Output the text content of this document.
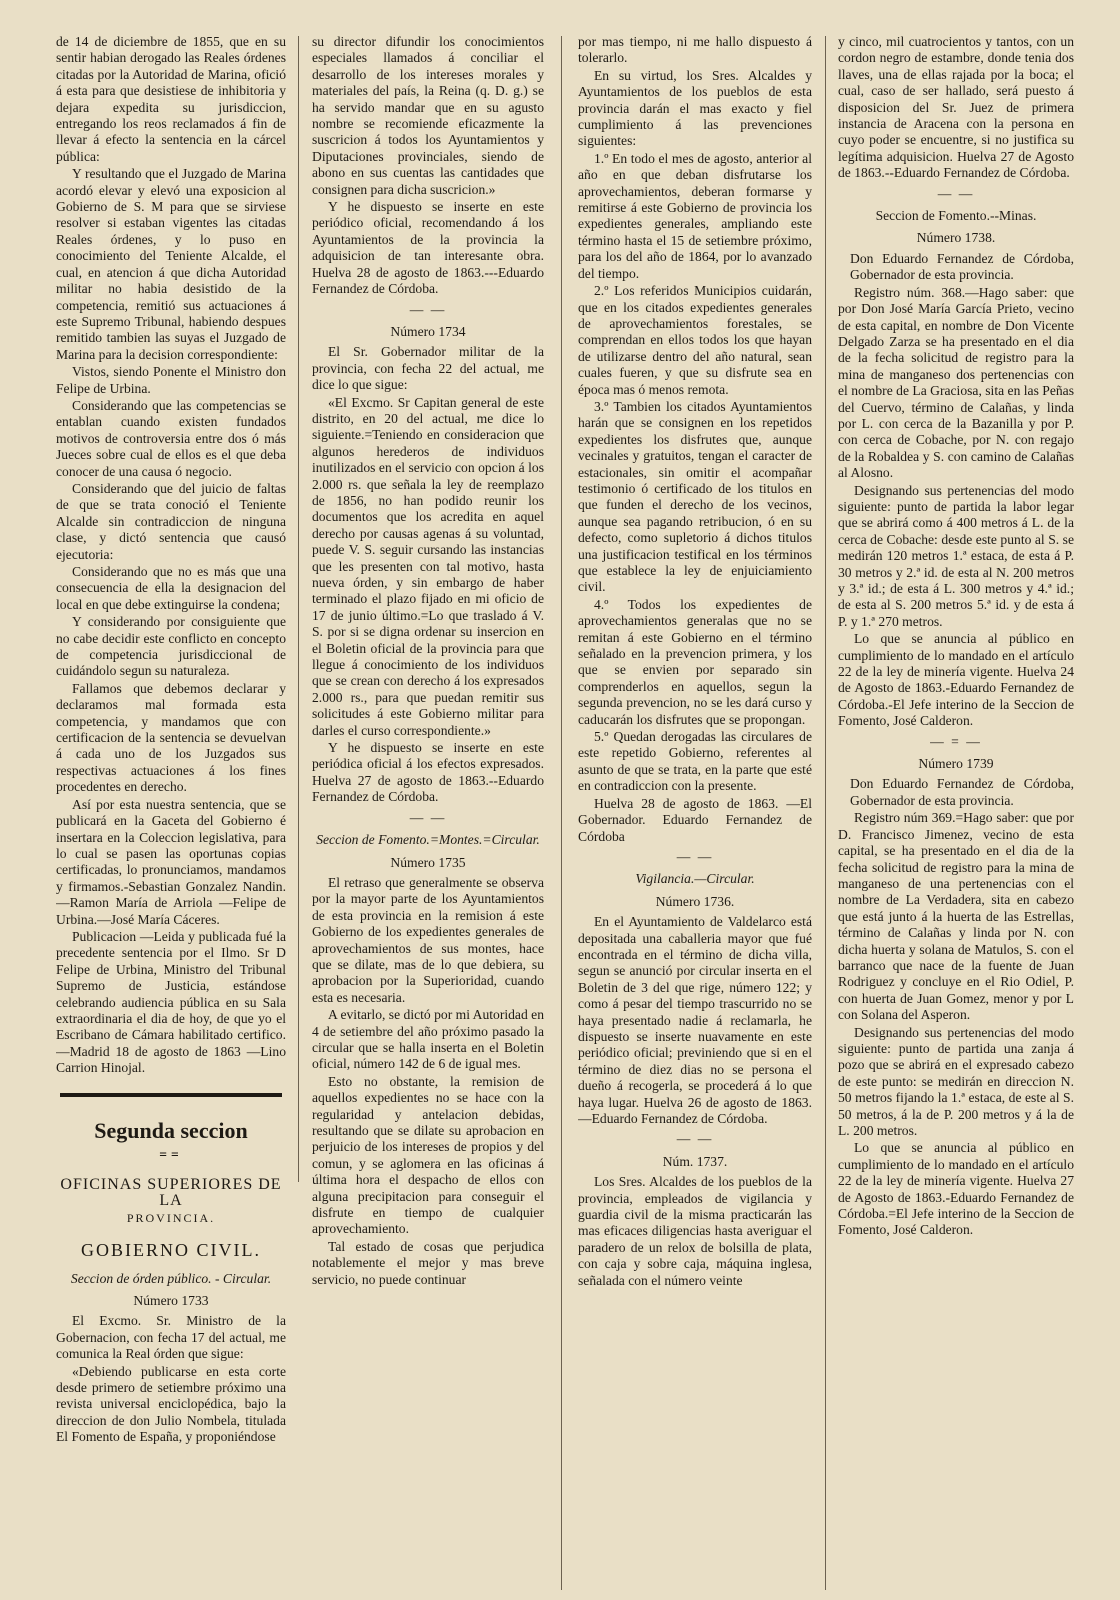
de 14 de diciembre de 1855, que en su sentir habian derogado las Reales órdenes citadas por la Autoridad de Marina, ofició á esta para que desistiese de inhibitoria y dejara expedita su jurisdiccion, entregando los reos reclamados á fin de llevar á efecto la sentencia en la cárcel pública:

Y resultando que el Juzgado de Marina acordó elevar y elevó una exposicion al Gobierno de S. M para que se sirviese resolver si estaban vigentes las citadas Reales órdenes, y lo puso en conocimiento del Teniente Alcalde, el cual, en atencion á que dicha Autoridad militar no habia desistido de la competencia, remitió sus actuaciones á este Supremo Tribunal, habiendo despues remitido tambien las suyas el Juzgado de Marina para la decision correspondiente:

Vistos, siendo Ponente el Ministro don Felipe de Urbina.

Considerando que las competencias se entablan cuando existen fundados motivos de controversia entre dos ó más Jueces sobre cual de ellos es el que deba conocer de una causa ó negocio.

Considerando que del juicio de faltas de que se trata conoció el Teniente Alcalde sin contradiccion de ninguna clase, y dictó sentencia que causó ejecutoria:

Considerando que no es más que una consecuencia de ella la designacion del local en que debe extinguirse la condena;

Y considerando por consiguiente que no cabe decidir este conflicto en concepto de competencia jurisdiccional de cuidándolo segun su naturaleza.

Fallamos que debemos declarar y declaramos mal formada esta competencia, y mandamos que con certificacion de la sentencia se devuelvan á cada uno de los Juzgados sus respectivas actuaciones á los fines procedentes en derecho.

Así por esta nuestra sentencia, que se publicará en la Gaceta del Gobierno é insertara en la Coleccion legislativa, para lo cual se pasen las oportunas copias certificadas, lo pronunciamos, mandamos y firmamos.-Sebastian Gonzalez Nandin.—Ramon María de Arriola —Felipe de Urbina.—José María Cáceres.

Publicacion —Leida y publicada fué la precedente sentencia por el Ilmo. Sr D Felipe de Urbina, Ministro del Tribunal Supremo de Justicia, estándose celebrando audiencia pública en su Sala extraordinaria el dia de hoy, de que yo el Escribano de Cámara habilitado certifico.—Madrid 18 de agosto de 1863 —Lino Carrion Hinojal.

Segunda seccion
==
OFICINAS SUPERIORES DE LA
PROVINCIA.
GOBIERNO CIVIL.
Seccion de órden público. - Circular.
Número 1733

El Excmo. Sr. Ministro de la Gobernacion, con fecha 17 del actual, me comunica la Real órden que sigue:

«Debiendo publicarse en esta corte desde primero de setiembre próximo una revista universal enciclopédica, bajo la direccion de don Julio Nombela, titulada El Fomento de España, y proponiéndose

su director difundir los conocimientos especiales llamados á conciliar el desarrollo de los intereses morales y materiales del país, la Reina (q. D. g.) se ha servido mandar que en su agusto nombre se recomiende eficazmente la suscricion á todos los Ayuntamientos y Diputaciones provinciales, siendo de abono en sus cuentas las cantidades que consignen para dicha suscricion.»

Y he dispuesto se inserte en este periódico oficial, recomendando á los Ayuntamientos de la provincia la adquisicion de tan interesante obra. Huelva 28 de agosto de 1863.---Eduardo Fernandez de Córdoba.

— —
Número 1734

El Sr. Gobernador militar de la provincia, con fecha 22 del actual, me dice lo que sigue:

«El Excmo. Sr Capitan general de este distrito, en 20 del actual, me dice lo siguiente.=Teniendo en consideracion que algunos herederos de individuos inutilizados en el servicio con opcion á los 2.000 rs. que señala la ley de reemplazo de 1856, no han podido reunir los documentos que los acredita en aquel derecho por causas agenas á su voluntad, puede V. S. seguir cursando las instancias que les presenten con tal motivo, hasta nueva órden, y sin embargo de haber terminado el plazo fijado en mi oficio de 17 de junio último.=Lo que traslado á V. S. por si se digna ordenar su insercion en el Boletin oficial de la provincia para que llegue á conocimiento de los individuos que se crean con derecho á los expresados 2.000 rs., para que puedan remitir sus solicitudes á este Gobierno militar para darles el curso correspondiente.»

Y he dispuesto se inserte en este periódica oficial á los efectos expresados. Huelva 27 de agosto de 1863.--Eduardo Fernandez de Córdoba.

— —
Seccion de Fomento.=Montes.=Circular.
Número 1735

El retraso que generalmente se observa por la mayor parte de los Ayuntamientos de esta provincia en la remision á este Gobierno de los expedientes generales de aprovechamientos de sus montes, hace que se dilate, mas de lo que debiera, su aprobacion por la Superioridad, cuando esta es necesaria.

A evitarlo, se dictó por mi Autoridad en 4 de setiembre del año próximo pasado la circular que se halla inserta en el Boletin oficial, número 142 de 6 de igual mes.

Esto no obstante, la remision de aquellos expedientes no se hace con la regularidad y antelacion debidas, resultando que se dilate su aprobacion en perjuicio de los intereses de propios y del comun, y se aglomera en las oficinas á última hora el despacho de ellos con alguna precipitacion para conseguir el disfrute en tiempo de cualquier aprovechamiento.

Tal estado de cosas que perjudica notablemente el mejor y mas breve servicio, no puede continuar

por mas tiempo, ni me hallo dispuesto á tolerarlo.

En su virtud, los Sres. Alcaldes y Ayuntamientos de los pueblos de esta provincia darán el mas exacto y fiel cumplimiento á las prevenciones siguientes:

1.º En todo el mes de agosto, anterior al año en que deban disfrutarse los aprovechamientos, deberan formarse y remitirse á este Gobierno de provincia los expedientes generales, ampliando este término hasta el 15 de setiembre próximo, para los del año de 1864, por lo avanzado del tiempo.

2.º Los referidos Municipios cuidarán, que en los citados expedientes generales de aprovechamientos forestales, se comprendan en ellos todos los que hayan de utilizarse dentro del año natural, sean cuales fueren, y que su disfrute sea en época mas ó menos remota.

3.º Tambien los citados Ayuntamientos harán que se consignen en los repetidos expedientes los disfrutes que, aunque vecinales y gratuitos, tengan el caracter de estacionales, sin omitir el acompañar testimonio ó certificado de los titulos en que funden el derecho de los vecinos, aunque sea pagando retribucion, ó en su defecto, como supletorio á dichos titulos una justificacion testifical en los términos que establece la ley de enjuiciamiento civil.

4.º Todos los expedientes de aprovechamientos generalas que no se remitan á este Gobierno en el término señalado en la prevencion primera, y los que se envien por separado sin comprenderlos en aquellos, segun la segunda prevencion, no se les dará curso y caducarán los disfrutes que se propongan.

5.º Quedan derogadas las circulares de este repetido Gobierno, referentes al asunto de que se trata, en la parte que esté en contradiccion con la presente.

Huelva 28 de agosto de 1863. —El Gobernador. Eduardo Fernandez de Córdoba

— —
Vigilancia.—Circular.
Número 1736.

En el Ayuntamiento de Valdelarco está depositada una caballeria mayor que fué encontrada en el término de dicha villa, segun se anunció por circular inserta en el Boletin de 3 del que rige, número 122; y como á pesar del tiempo trascurrido no se haya presentado nadie á reclamarla, he dispuesto se inserte nuavamente en este periódico oficial; previniendo que si en el término de diez dias no se persona el dueño á recogerla, se procederá á lo que haya lugar. Huelva 26 de agosto de 1863.—Eduardo Fernandez de Córdoba.

— —
Núm. 1737.

Los Sres. Alcaldes de los pueblos de la provincia, empleados de vigilancia y guardia civil de la misma practicarán las mas eficaces diligencias hasta averiguar el paradero de un relox de bolsilla de plata, con caja y sobre caja, máquina inglesa, señalada con el número veinte

y cinco, mil cuatrocientos y tantos, con un cordon negro de estambre, donde tenia dos llaves, una de ellas rajada por la boca; el cual, caso de ser hallado, será puesto á disposicion del Sr. Juez de primera instancia de Aracena con la persona en cuyo poder se encuentre, si no justifica su legítima adquisicion. Huelva 27 de Agosto de 1863.--Eduardo Fernandez de Córdoba.

— —
Seccion de Fomento.--Minas.
Número 1738.

Don Eduardo Fernandez de Córdoba, Gobernador de esta provincia.

Registro núm. 368.—Hago saber: que por Don José María García Prieto, vecino de esta capital, en nombre de Don Vicente Delgado Zarza se ha presentado en el dia de la fecha solicitud de registro para la mina de manganeso dos pertenencias con el nombre de La Graciosa, sita en las Peñas del Cuervo, término de Calañas, y linda por L. con cerca de la Bazanilla y por P. con cerca de Cobache, por N. con regajo de la Robaldea y S. con camino de Calañas al Alosno.

Designando sus pertenencias del modo siguiente: punto de partida la labor legar que se abrirá como á 400 metros á L. de la cerca de Cobache: desde este punto al S. se medirán 120 metros 1.ª estaca, de esta á P. 30 metros y 2.ª id. de esta al N. 200 metros y 3.ª id.; de esta á L. 300 metros y 4.ª id.; de esta al S. 200 metros 5.ª id. y de esta á P. y 1.ª 270 metros.

Lo que se anuncia al público en cumplimiento de lo mandado en el artículo 22 de la ley de minería vigente. Huelva 24 de Agosto de 1863.-Eduardo Fernandez de Córdoba.-El Jefe interino de la Seccion de Fomento, José Calderon.

— = —
Número 1739

Don Eduardo Fernandez de Córdoba, Gobernador de esta provincia.

Registro núm 369.=Hago saber: que por D. Francisco Jimenez, vecino de esta capital, se ha presentado en el dia de la fecha solicitud de registro para la mina de manganeso de una pertenencias con el nombre de La Verdadera, sita en cabezo que está junto á la huerta de las Estrellas, término de Calañas y linda por N. con dicha huerta y solana de Matulos, S. con el barranco que nace de la fuente de Juan Rodriguez y concluye en el Rio Odiel, P. con huerta de Juan Gomez, menor y por L con Solana del Asperon.

Designando sus pertenencias del modo siguiente: punto de partida una zanja á pozo que se abrirá en el expresado cabezo de este punto: se medirán en direccion N. 50 metros fijando la 1.ª estaca, de este al S. 50 metros, á la de P. 200 metros y á la de L. 200 metros.

Lo que se anuncia al público en cumplimiento de lo mandado en el artículo 22 de la ley de minería vigente. Huelva 27 de Agosto de 1863.-Eduardo Fernandez de Córdoba.=El Jefe interino de la Seccion de Fomento, José Calderon.
